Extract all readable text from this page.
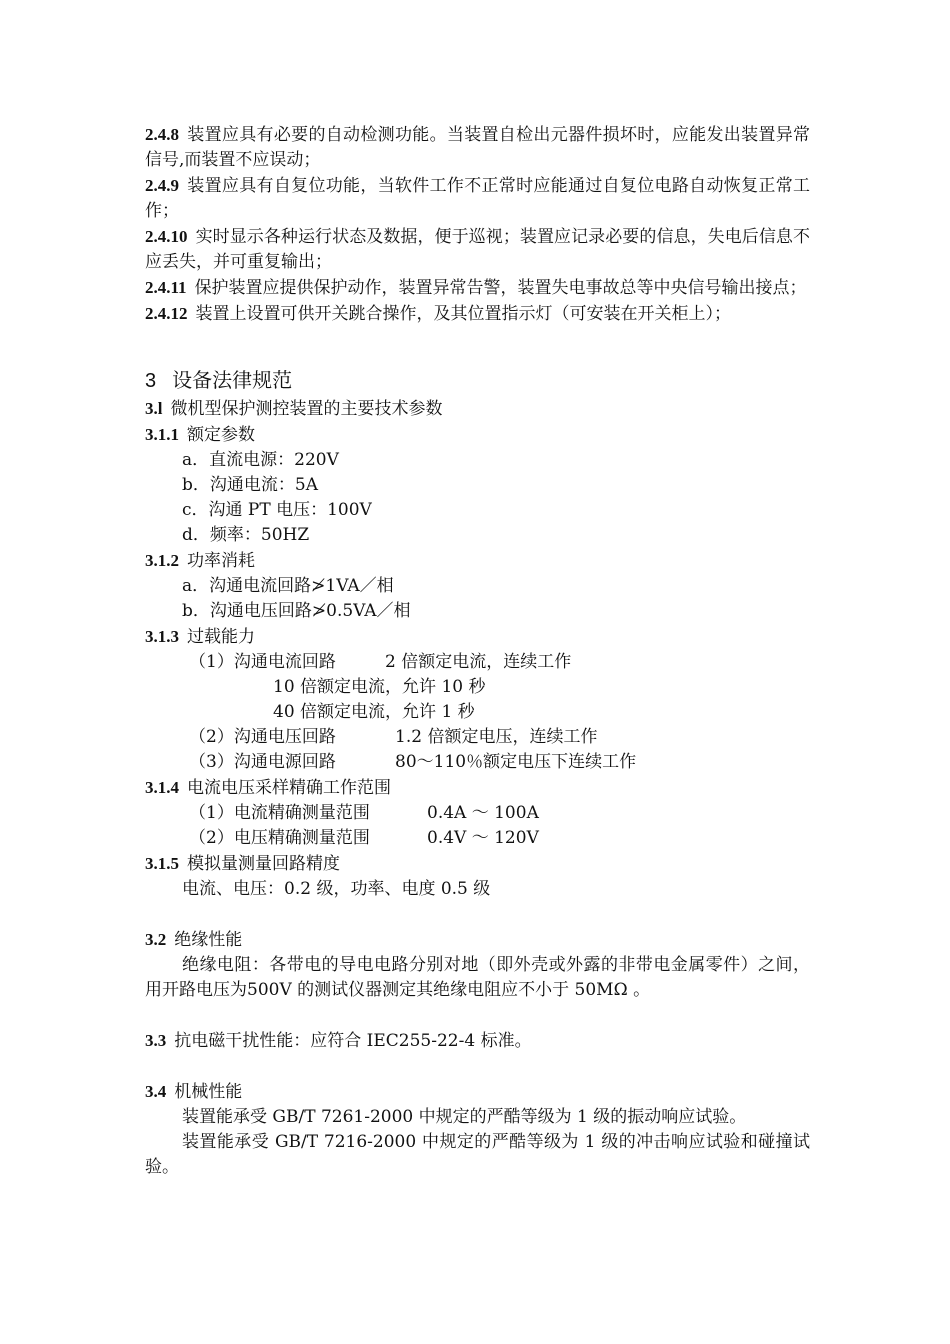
2.4.8 装置应具有必要的自动检测功能。当装置自检出元器件损坏时，应能发出装置异常信号,而装置不应误动；

2.4.9 装置应具有自复位功能，当软件工作不正常时应能通过自复位电路自动恢复正常工作；

2.4.10 实时显示各种运行状态及数据，便于巡视；装置应记录必要的信息，失电后信息不应丢失，并可重复输出；

2.4.11 保护装置应提供保护动作，装置异常告警，装置失电事故总等中央信号输出接点；

2.4.12 装置上设置可供开关跳合操作，及其位置指示灯（可安装在开关柜上）；

3 设备法律规范

3.l 微机型保护测控装置的主要技术参数

3.1.1 额定参数

a．直流电源：220V

b．沟通电流：5A

c．沟通 PT 电压：100V

d．频率：50HZ

3.1.2 功率消耗

a．沟通电流回路≯1VA／相

b．沟通电压回路≯0.5VA／相

3.1.3 过载能力

（1）沟通电流回路	2 倍额定电流，连续工作

10 倍额定电流，允许 10 秒

40 倍额定电流，允许 1 秒

（2）沟通电压回路	1.2 倍额定电压，连续工作

（3）沟通电源回路	80～110％额定电压下连续工作

3.1.4 电流电压采样精确工作范围

（1）电流精确测量范围	0.4A ～ 100A

（2）电压精确测量范围	0.4V ～ 120V

3.1.5 模拟量测量回路精度

电流、电压：0.2 级，功率、电度 0.5 级

3.2 绝缘性能

绝缘电阻：各带电的导电电路分别对地（即外壳或外露的非带电金属零件）之间，用开路电压为500V 的测试仪器测定其绝缘电阻应不小于 50MΩ 。

3.3 抗电磁干扰性能：应符合 IEC255-22-4 标准。

3.4 机械性能

装置能承受 GB/T 7261-2000 中规定的严酷等级为 1 级的振动响应试验。

装置能承受 GB/T 7216-2000 中规定的严酷等级为 1 级的冲击响应试验和碰撞试验。
